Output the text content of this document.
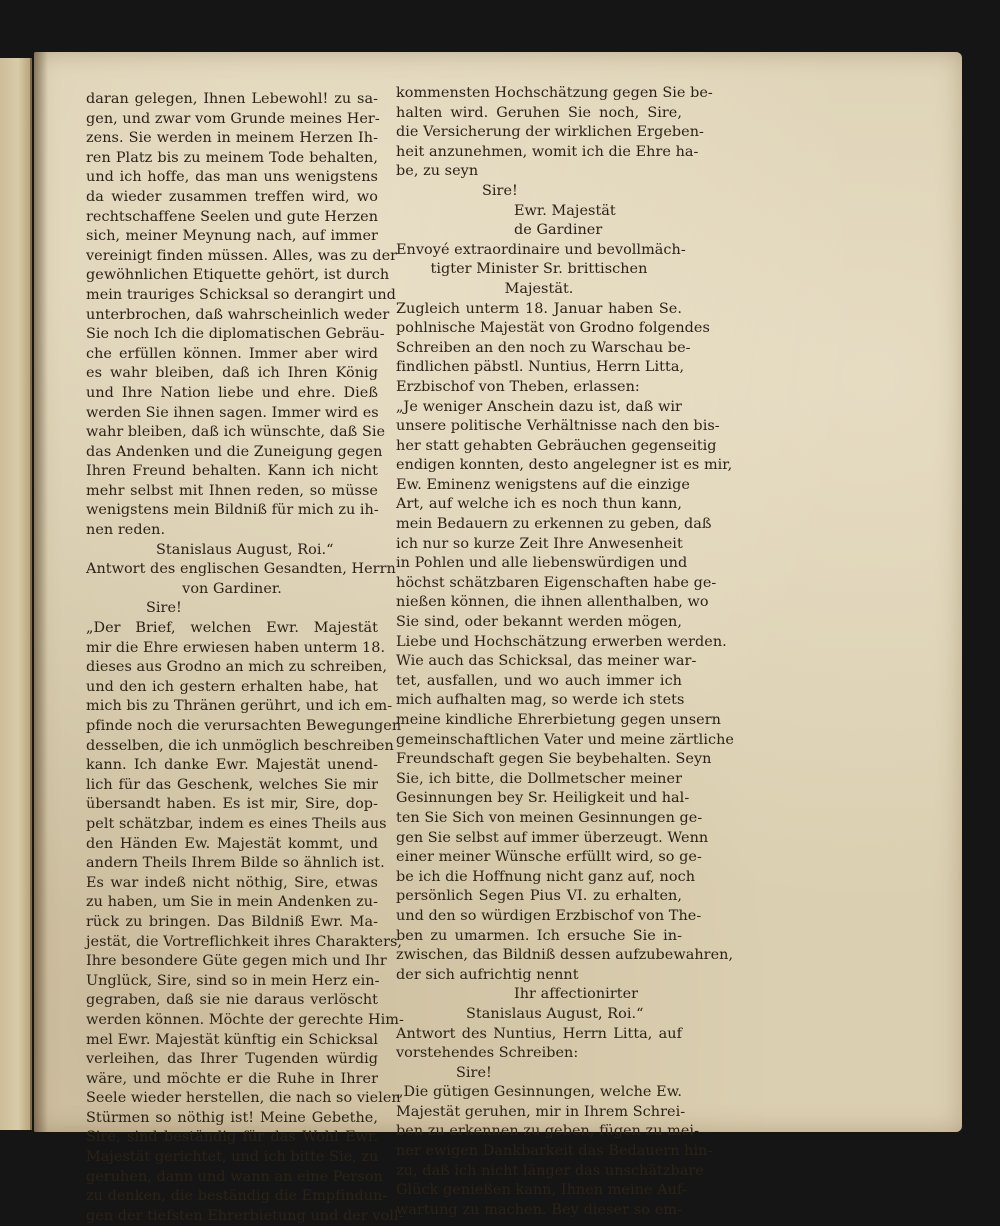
daran gelegen, Ihnen Lebewohl! zu sa-
gen, und zwar vom Grunde meines Her-
zens. Sie werden in meinem Herzen Ih-
ren Platz bis zu meinem Tode behalten,
und ich hoffe, das man uns wenigstens
da wieder zusammen treffen wird, wo
rechtschaffene Seelen und gute Herzen
sich, meiner Meynung nach, auf immer
vereinigt finden müssen. Alles, was zu der
gewöhnlichen Etiquette gehört, ist durch
mein trauriges Schicksal so derangirt und
unterbrochen, daß wahrscheinlich weder
Sie noch Ich die diplomatischen Gebräu-
che erfüllen können. Immer aber wird
es wahr bleiben, daß ich Ihren König
und Ihre Nation liebe und ehre. Dieß
werden Sie ihnen sagen. Immer wird es
wahr bleiben, daß ich wünschte, daß Sie
das Andenken und die Zuneigung gegen
Ihren Freund behalten. Kann ich nicht
mehr selbst mit Ihnen reden, so müsse
wenigstens mein Bildniß für mich zu ih-
nen reden.
Stanislaus August, Roi.“
Antwort des englischen Gesandten, Herrn
von Gardiner.
Sire!
„Der Brief, welchen Ewr. Majestät
mir die Ehre erwiesen haben unterm 18.
dieses aus Grodno an mich zu schreiben,
und den ich gestern erhalten habe, hat
mich bis zu Thränen gerührt, und ich em-
pfinde noch die verursachten Bewegungen
desselben, die ich unmöglich beschreiben
kann. Ich danke Ewr. Majestät unend-
lich für das Geschenk, welches Sie mir
übersandt haben. Es ist mir, Sire, dop-
pelt schätzbar, indem es eines Theils aus
den Händen Ew. Majestät kommt, und
andern Theils Ihrem Bilde so ähnlich ist.
Es war indeß nicht nöthig, Sire, etwas
zu haben, um Sie in mein Andenken zu-
rück zu bringen. Das Bildniß Ewr. Ma-
jestät, die Vortreflichkeit ihres Charakters,
Ihre besondere Güte gegen mich und Ihr
Unglück, Sire, sind so in mein Herz ein-
gegraben, daß sie nie daraus verlöscht
werden können. Möchte der gerechte Him-
mel Ewr. Majestät künftig ein Schicksal
verleihen, das Ihrer Tugenden würdig
wäre, und möchte er die Ruhe in Ihrer
Seele wieder herstellen, die nach so vielen
Stürmen so nöthig ist! Meine Gebethe,
Sire, sind beständig für das Wohl Ewr.
Majestät gerichtet, und ich bitte Sie, zu
geruhen, dann und wann an eine Person
zu denken, die beständig die Empfindun-
gen der tiefsten Ehrerbietung und der voll-
kommensten Hochschätzung gegen Sie be-
halten wird. Geruhen Sie noch, Sire,
die Versicherung der wirklichen Ergeben-
heit anzunehmen, womit ich die Ehre ha-
be, zu seyn
Sire!
Ewr. Majestät
de Gardiner
Envoyé extraordinaire und bevollmäch-
tigter Minister Sr. brittischen
Majestät.
Zugleich unterm 18. Januar haben Se.
pohlnische Majestät von Grodno folgendes
Schreiben an den noch zu Warschau be-
findlichen päbstl. Nuntius, Herrn Litta,
Erzbischof von Theben, erlassen:
„Je weniger Anschein dazu ist, daß wir
unsere politische Verhältnisse nach den bis-
her statt gehabten Gebräuchen gegenseitig
endigen konnten, desto angelegner ist es mir,
Ew. Eminenz wenigstens auf die einzige
Art, auf welche ich es noch thun kann,
mein Bedauern zu erkennen zu geben, daß
ich nur so kurze Zeit Ihre Anwesenheit
in Pohlen und alle liebenswürdigen und
höchst schätzbaren Eigenschaften habe ge-
nießen können, die ihnen allenthalben, wo
Sie sind, oder bekannt werden mögen,
Liebe und Hochschätzung erwerben werden.
Wie auch das Schicksal, das meiner war-
tet, ausfallen, und wo auch immer ich
mich aufhalten mag, so werde ich stets
meine kindliche Ehrerbietung gegen unsern
gemeinschaftlichen Vater und meine zärtliche
Freundschaft gegen Sie beybehalten. Seyn
Sie, ich bitte, die Dollmetscher meiner
Gesinnungen bey Sr. Heiligkeit und hal-
ten Sie Sich von meinen Gesinnungen ge-
gen Sie selbst auf immer überzeugt. Wenn
einer meiner Wünsche erfüllt wird, so ge-
be ich die Hoffnung nicht ganz auf, noch
persönlich Segen Pius VI. zu erhalten,
und den so würdigen Erzbischof von The-
ben zu umarmen. Ich ersuche Sie in-
zwischen, das Bildniß dessen aufzubewahren,
der sich aufrichtig nennt
Ihr affectionirter
Stanislaus August, Roi.“
Antwort des Nuntius, Herrn Litta, auf
vorstehendes Schreiben:
Sire!
„Die gütigen Gesinnungen, welche Ew.
Majestät geruhen, mir in Ihrem Schrei-
ben zu erkennen zu geben, fügen zu mei-
ner ewigen Dankbarkeit das Bedauern hin-
zu, daß ich nicht länger das unschätzbare
Glück genießen kann, Ihnen meine Auf-
wartung zu machen. Bey dieser so em-
